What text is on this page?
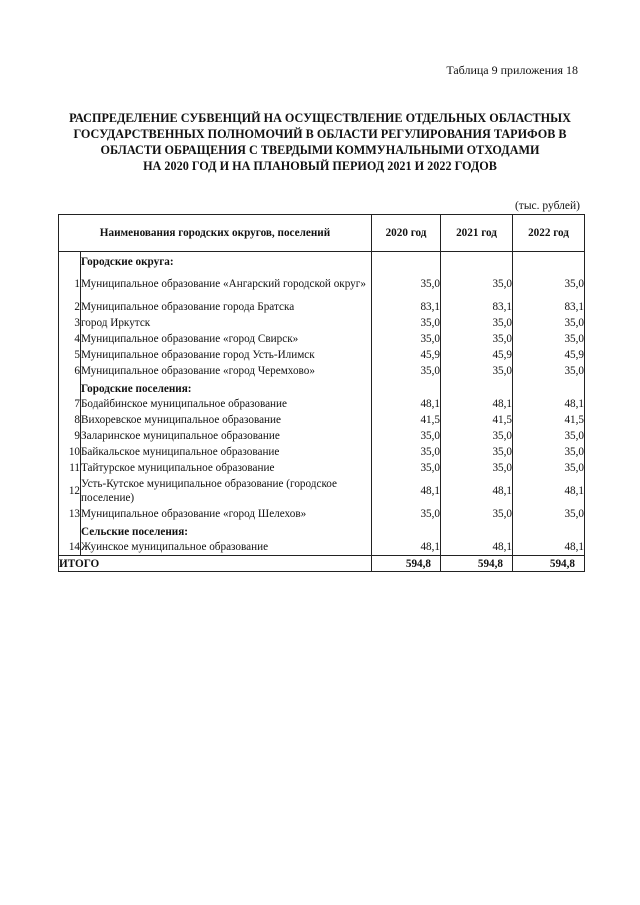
Таблица 9 приложения 18
РАСПРЕДЕЛЕНИЕ СУБВЕНЦИЙ НА ОСУЩЕСТВЛЕНИЕ ОТДЕЛЬНЫХ ОБЛАСТНЫХ
ГОСУДАРСТВЕННЫХ ПОЛНОМОЧИЙ В ОБЛАСТИ РЕГУЛИРОВАНИЯ ТАРИФОВ В
ОБЛАСТИ ОБРАЩЕНИЯ С ТВЕРДЫМИ КОММУНАЛЬНЫМИ ОТХОДАМИ
НА 2020 ГОД И НА ПЛАНОВЫЙ ПЕРИОД 2021 И 2022 ГОДОВ
(тыс. рублей)
Наименования городских округов, поселений		2020 год	2021 год	2022 год
	Городские округа:			
1	Муниципальное образование «Ангарский городской округ»	35,0	35,0	35,0
2	Муниципальное образование города Братска	83,1	83,1	83,1
3	город Иркутск	35,0	35,0	35,0
4	Муниципальное образование «город Свирск»	35,0	35,0	35,0
5	Муниципальное образование город Усть-Илимск	45,9	45,9	45,9
6	Муниципальное образование «город Черемхово»	35,0	35,0	35,0
	Городские поселения:			
7	Бодайбинское муниципальное образование	48,1	48,1	48,1
8	Вихоревское муниципальное образование	41,5	41,5	41,5
9	Заларинское муниципальное образование	35,0	35,0	35,0
10	Байкальское муниципальное образование	35,0	35,0	35,0
11	Тайтурское муниципальное образование	35,0	35,0	35,0
12	Усть-Кутское муниципальное образование (городское поселение)	48,1	48,1	48,1
13	Муниципальное образование «город Шелехов»	35,0	35,0	35,0
	Сельские поселения:			
14	Жуинское муниципальное образование	48,1	48,1	48,1
ИТОГО		594,8	594,8	594,8
